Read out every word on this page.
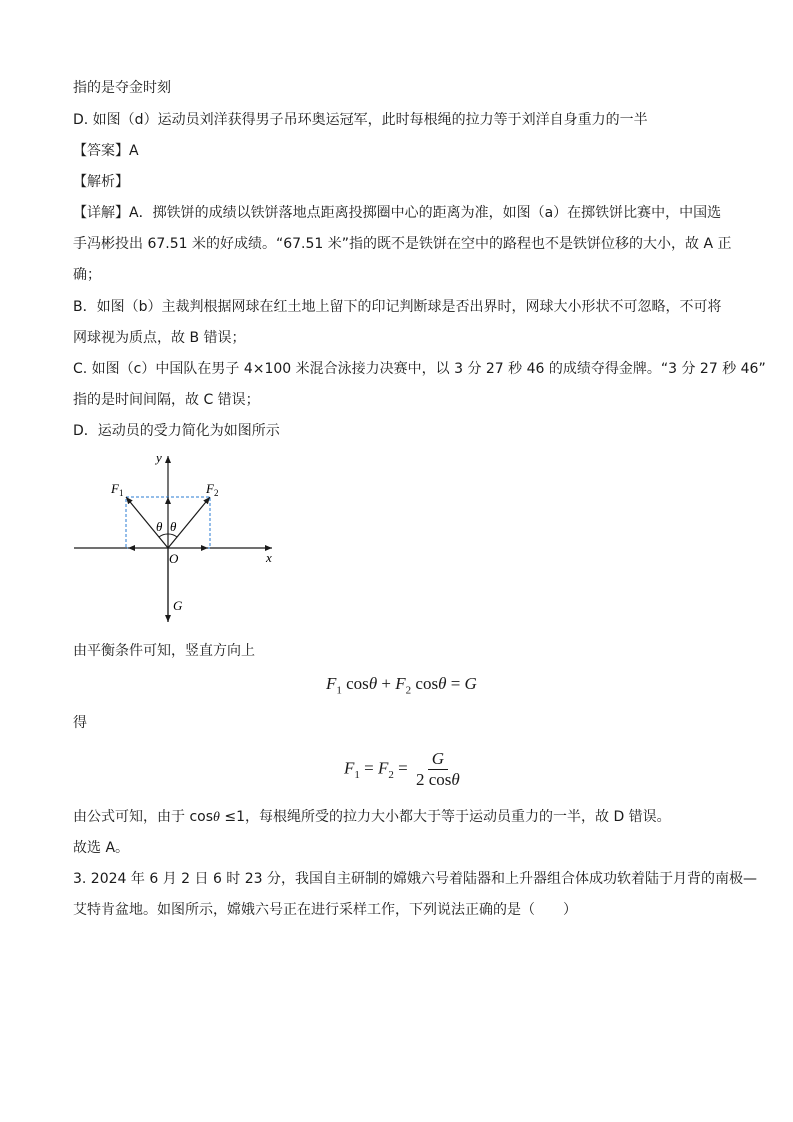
指的是夺金时刻
D. 如图（d）运动员刘洋获得男子吊环奥运冠军，此时每根绳的拉力等于刘洋自身重力的一半
【答案】A
【解析】
【详解】A．掷铁饼的成绩以铁饼落地点距离投掷圈中心的距离为准，如图（a）在掷铁饼比赛中，中国选
手冯彬投出 67.51 米的好成绩。“67.51 米”指的既不是铁饼在空中的路程也不是铁饼位移的大小，故 A 正
确；
B．如图（b）主裁判根据网球在红土地上留下的印记判断球是否出界时，网球大小形状不可忽略，不可将
网球视为质点，故 B 错误；
C. 如图（c）中国队在男子 4×100 米混合泳接力决赛中，以 3 分 27 秒 46 的成绩夺得金牌。“3 分 27 秒 46”
指的是时间间隔，故 C 错误；
D．运动员的受力简化为如图所示
y
x
O
$F_1$	$F_2$
G
θ θ
由平衡条件可知，竖直方向上
$F_1$ $\cos\theta + F_2$ cosθ = G
得
$F_1 = F_2 = \frac{G}{2 \cos\theta}$
由公式可知，由于 cosθ ≤1，每根绳所受的拉力大小都大于等于运动员重力的一半，故 D 错误。
故选 A。
3. 2024 年 6 月 2 日 6 时 23 分，我国自主研制的嫦娥六号着陆器和上升器组合体成功软着陆于月背的南极—
艾特肯盆地。如图所示，嫦娥六号正在进行采样工作，下列说法正确的是（　　）
